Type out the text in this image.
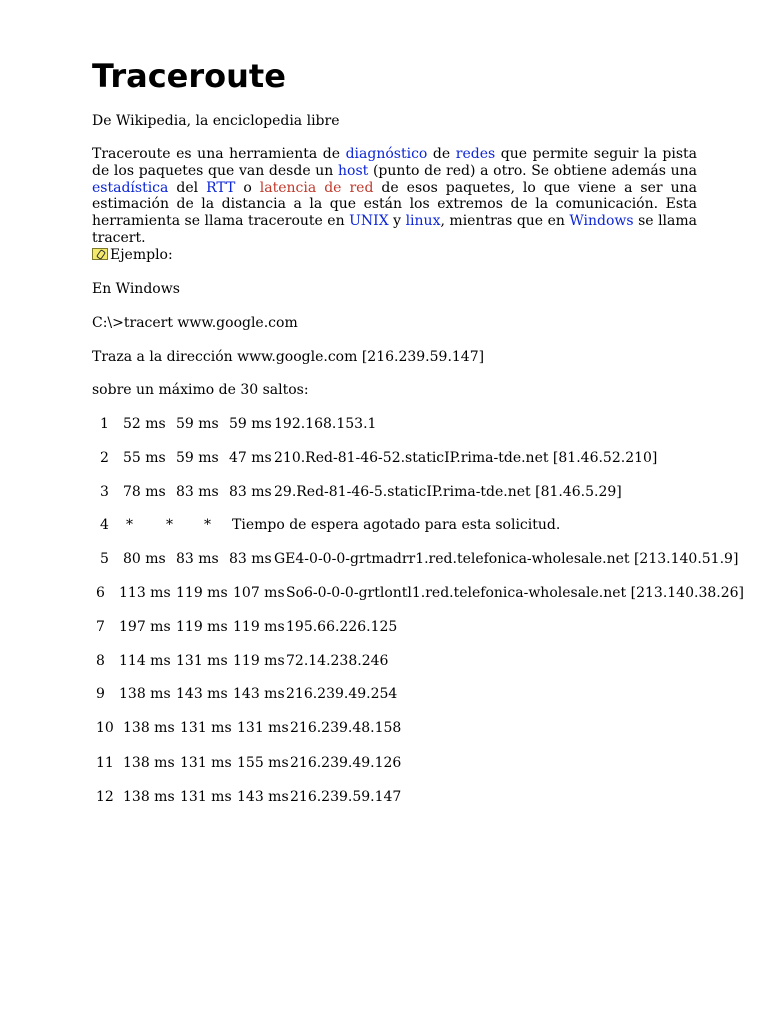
Traceroute

De Wikipedia, la enciclopedia libre

Traceroute es una herramienta de diagnóstico de redes que permite seguir la pista de los paquetes que van desde un host (punto de red) a otro. Se obtiene además una estadística del RTT o latencia de red de esos paquetes, lo que viene a ser una estimación de la distancia a la que están los extremos de la comunicación. Esta herramienta se llama traceroute en UNIX y linux, mientras que en Windows se llama tracert.

Ejemplo:

En Windows

C:\>tracert www.google.com

Traza a la dirección www.google.com [216.239.59.147]

sobre un máximo de 30 saltos:

1 52 ms 59 ms 59 ms 192.168.153.1
2 55 ms 59 ms 47 ms 210.Red-81-46-52.staticIP.rima-tde.net [81.46.52.210]
3 78 ms 83 ms 83 ms 29.Red-81-46-5.staticIP.rima-tde.net [81.46.5.29]
4 * * * Tiempo de espera agotado para esta solicitud.
5 80 ms 83 ms 83 ms GE4-0-0-0-grtmadrr1.red.telefonica-wholesale.net [213.140.51.9]
6 113 ms 119 ms 107 ms So6-0-0-0-grtlontl1.red.telefonica-wholesale.net [213.140.38.26]
7 197 ms 119 ms 119 ms 195.66.226.125
8 114 ms 131 ms 119 ms 72.14.238.246
9 138 ms 143 ms 143 ms 216.239.49.254
10 138 ms 131 ms 131 ms 216.239.48.158
11 138 ms 131 ms 155 ms 216.239.49.126
12 138 ms 131 ms 143 ms 216.239.59.147
